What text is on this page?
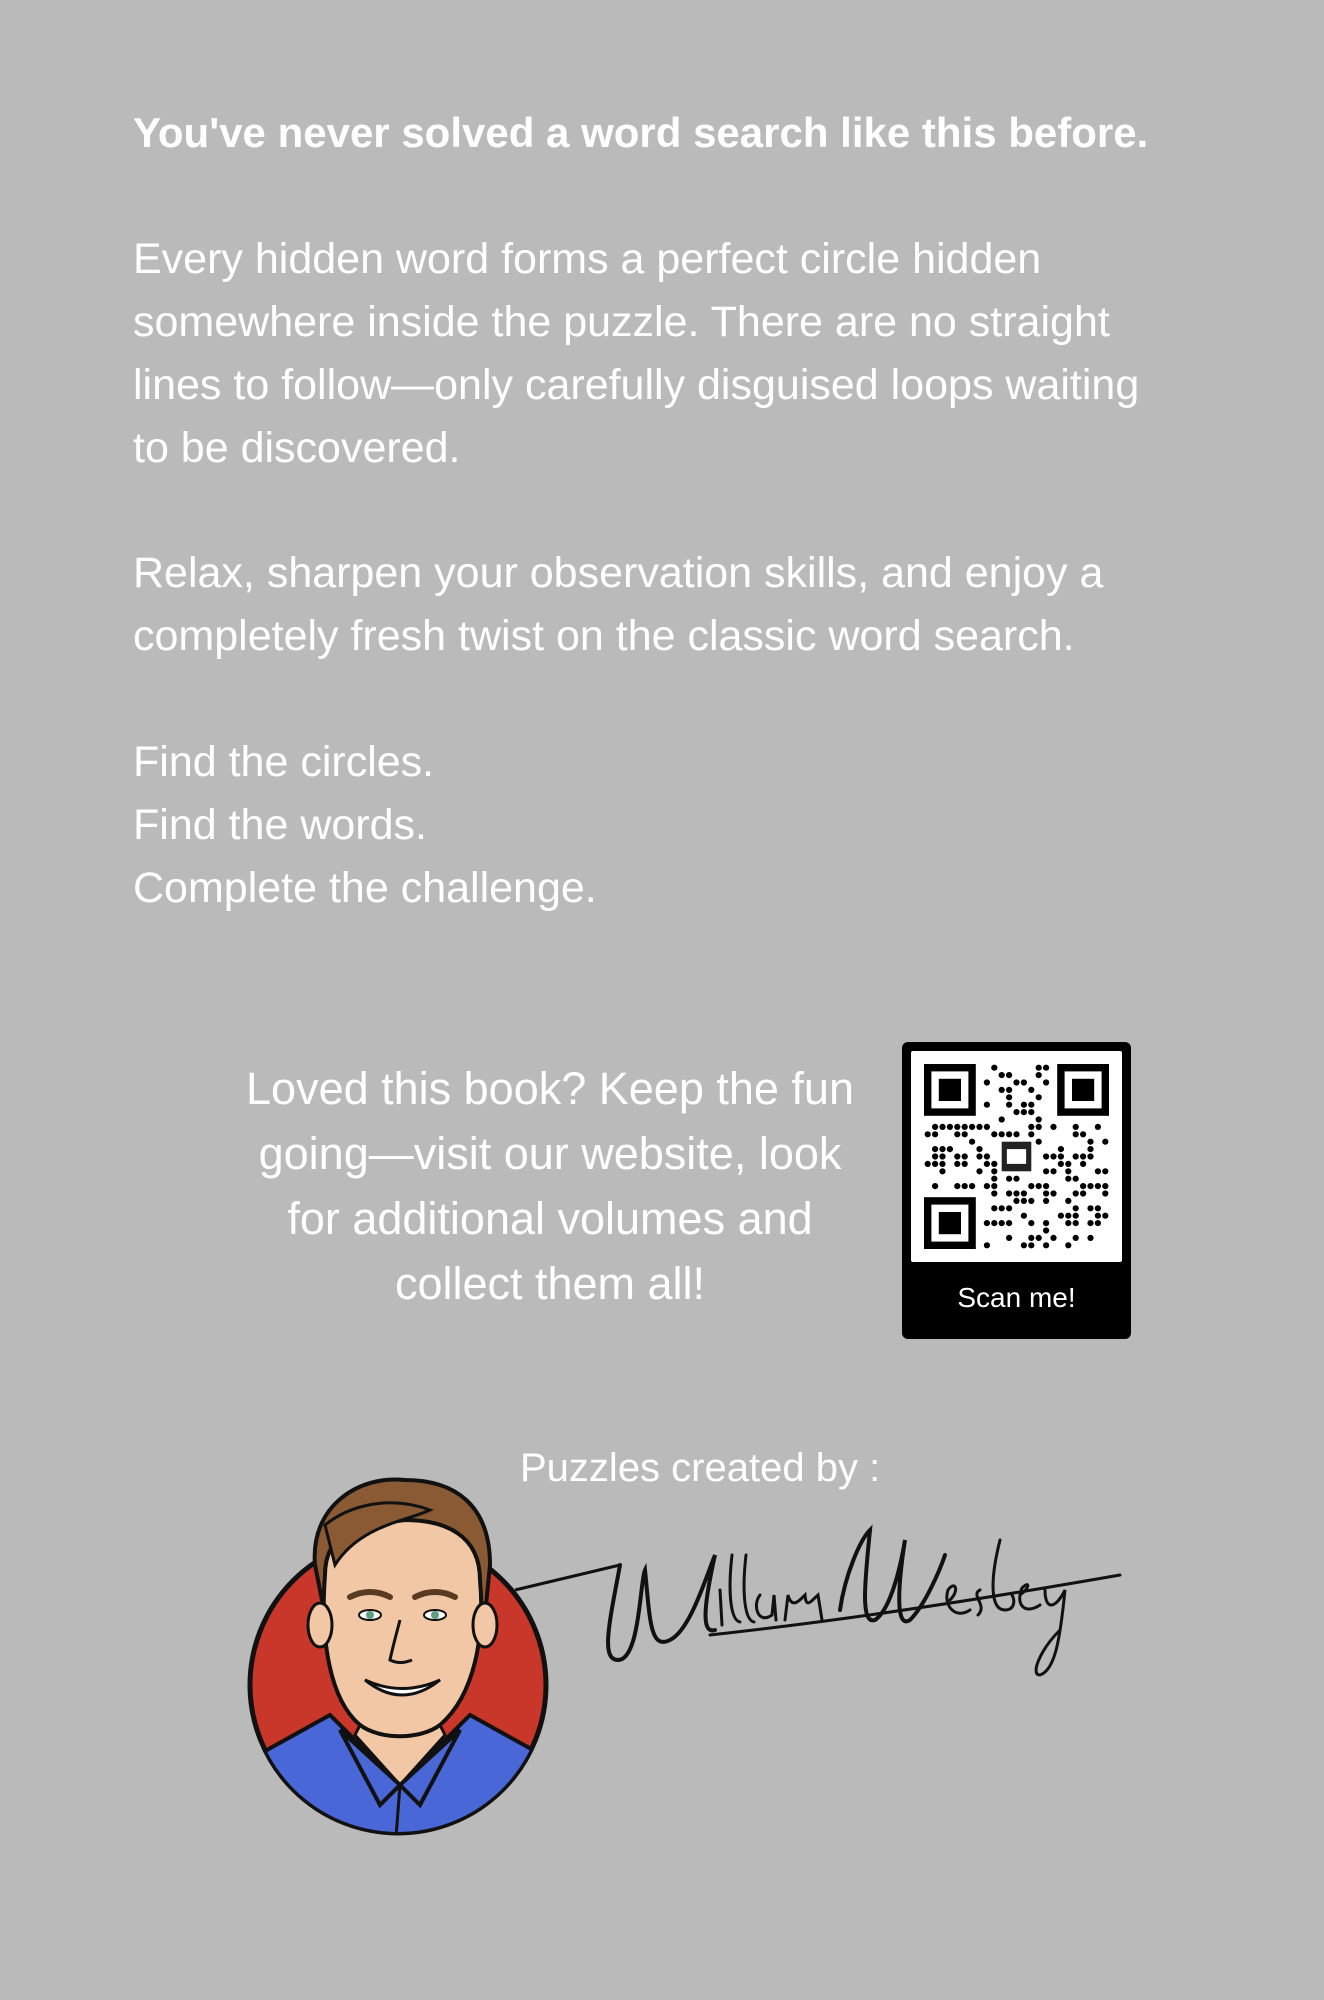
You've never solved a word search like this before.

Every hidden word forms a perfect circle hidden
somewhere inside the puzzle. There are no straight
lines to follow—only carefully disguised loops waiting
to be discovered.

Relax, sharpen your observation skills, and enjoy a
completely fresh twist on the classic word search.

Find the circles.
Find the words.
Complete the challenge.

Loved this book? Keep the fun
going—visit our website, look
for additional volumes and
collect them all!	Scan me!
Puzzles created by :
